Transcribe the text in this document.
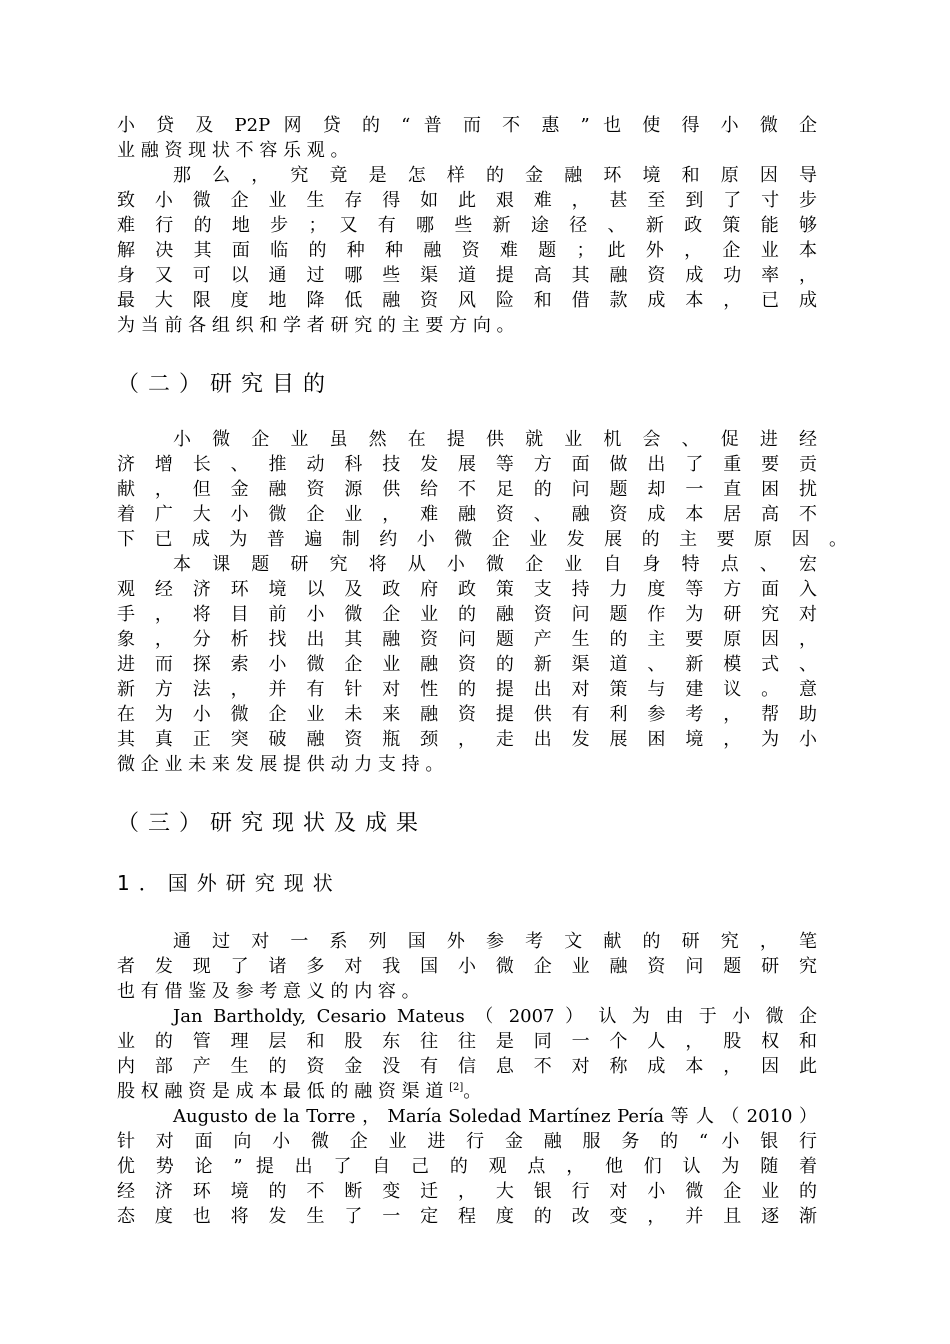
小 贷 及 P2P 网 贷 的 “ 普 而 不 惠 ” 也 使 得 小 微 企
业 融 资 现 状 不 容 乐 观 。
那 么 ， 究 竟 是 怎 样 的 金 融 环 境 和 原 因 导
致 小 微 企 业 生 存 得 如 此 艰 难 ， 甚 至 到 了 寸 步
难 行 的 地 步 ； 又 有 哪 些 新 途 径 、 新 政 策 能 够
解 决 其 面 临 的 种 种 融 资 难 题 ； 此 外 ， 企 业 本
身 又 可 以 通 过 哪 些 渠 道 提 高 其 融 资 成 功 率 ，
最 大 限 度 地 降 低 融 资 风 险 和 借 款 成 本 ， 已 成
为 当 前 各 组 织 和 学 者 研 究 的 主 要 方 向 。
（二）研究目的
小 微 企 业 虽 然 在 提 供 就 业 机 会 、 促 进 经
济 增 长 、 推 动 科 技 发 展 等 方 面 做 出 了 重 要 贡
献 ， 但 金 融 资 源 供 给 不 足 的 问 题 却 一 直 困 扰
着 广 大 小 微 企 业 ， 难 融 资 、 融 资 成 本 居 高 不
下 已 成 为 普 遍 制 约 小 微 企 业 发 展 的 主 要 原 因 。
本 课 题 研 究 将 从 小 微 企 业 自 身 特 点 、 宏
观 经 济 环 境 以 及 政 府 政 策 支 持 力 度 等 方 面 入
手 ， 将 目 前 小 微 企 业 的 融 资 问 题 作 为 研 究 对
象 ， 分 析 找 出 其 融 资 问 题 产 生 的 主 要 原 因 ，
进 而 探 索 小 微 企 业 融 资 的 新 渠 道 、 新 模 式 、
新 方 法 ， 并 有 针 对 性 的 提 出 对 策 与 建 议 。 意
在 为 小 微 企 业 未 来 融 资 提 供 有 利 参 考 ， 帮 助
其 真 正 突 破 融 资 瓶 颈 ， 走 出 发 展 困 境 ， 为 小
微 企 业 未 来 发 展 提 供 动 力 支 持 。
（三）研究现状及成果
1．国外研究现状
通 过 对 一 系 列 国 外 参 考 文 献 的 研 究 ， 笔
者 发 现 了 诸 多 对 我 国 小 微 企 业 融 资 问 题 研 究
也 有 借 鉴 及 参 考 意 义 的 内 容 。
Jan Bartholdy, Cesario Mateus （ 2007 ） 认 为 由 于 小 微 企
业 的 管 理 层 和 股 东 往 往 是 同 一 个 人 ， 股 权 和
内 部 产 生 的 资 金 没 有 信 息 不 对 称 成 本 ， 因 此
股 权 融 资 是 成 本 最 低 的 融 资 渠 道 [2]。
Augusto de la Torre ， María Soledad Martínez Pería 等 人 （ 2010 ）
针 对 面 向 小 微 企 业 进 行 金 融 服 务 的 “ 小 银 行
优 势 论 ” 提 出 了 自 己 的 观 点 ， 他 们 认 为 随 着
经 济 环 境 的 不 断 变 迁 ， 大 银 行 对 小 微 企 业 的
态 度 也 将 发 生 了 一 定 程 度 的 改 变 ， 并 且 逐 渐
